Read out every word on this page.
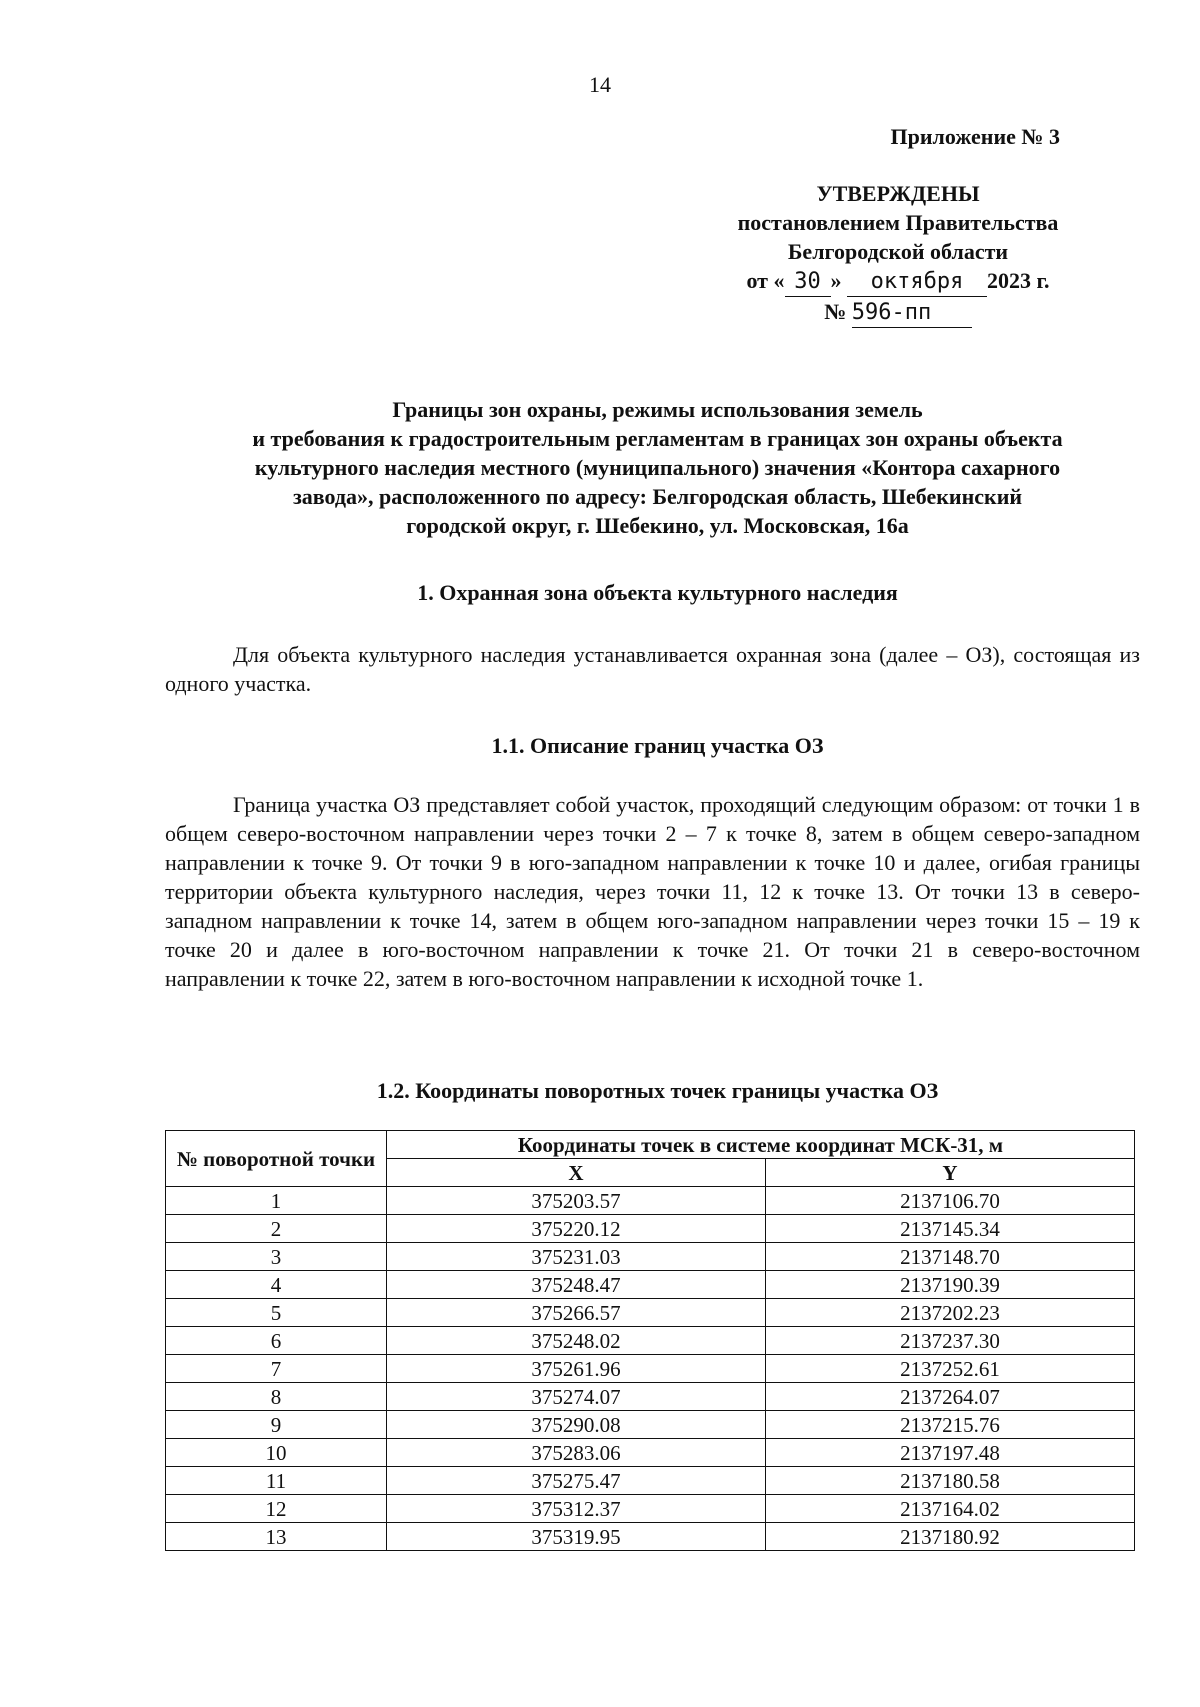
14
Приложение № 3
УТВЕРЖДЕНЫ
постановлением Правительства
Белгородской области
от « 30 » октября 2023 г.
№ 596-пп
Границы зон охраны, режимы использования земель
и требования к градостроительным регламентам в границах зон охраны объекта
культурного наследия местного (муниципального) значения «Контора сахарного
завода», расположенного по адресу: Белгородская область, Шебекинский
городской округ, г. Шебекино, ул. Московская, 16а
1. Охранная зона объекта культурного наследия
Для объекта культурного наследия устанавливается охранная зона (далее – ОЗ), состоящая из одного участка.
1.1. Описание границ участка ОЗ
Граница участка ОЗ представляет собой участок, проходящий следующим образом: от точки 1 в общем северо-восточном направлении через точки 2 – 7 к точке 8, затем в общем северо-западном направлении к точке 9. От точки 9 в юго-западном направлении к точке 10 и далее, огибая границы территории объекта культурного наследия, через точки 11, 12 к точке 13. От точки 13 в северо-западном направлении к точке 14, затем в общем юго-западном направлении через точки 15 – 19 к точке 20 и далее в юго-восточном направлении к точке 21. От точки 21 в северо-восточном направлении к точке 22, затем в юго-восточном направлении к исходной точке 1.
1.2. Координаты поворотных точек границы участка ОЗ
№ поворотной точки	Координаты точек в системе координат МСК-31, м	
	X	Y
1	375203.57	2137106.70
2	375220.12	2137145.34
3	375231.03	2137148.70
4	375248.47	2137190.39
5	375266.57	2137202.23
6	375248.02	2137237.30
7	375261.96	2137252.61
8	375274.07	2137264.07
9	375290.08	2137215.76
10	375283.06	2137197.48
11	375275.47	2137180.58
12	375312.37	2137164.02
13	375319.95	2137180.92
